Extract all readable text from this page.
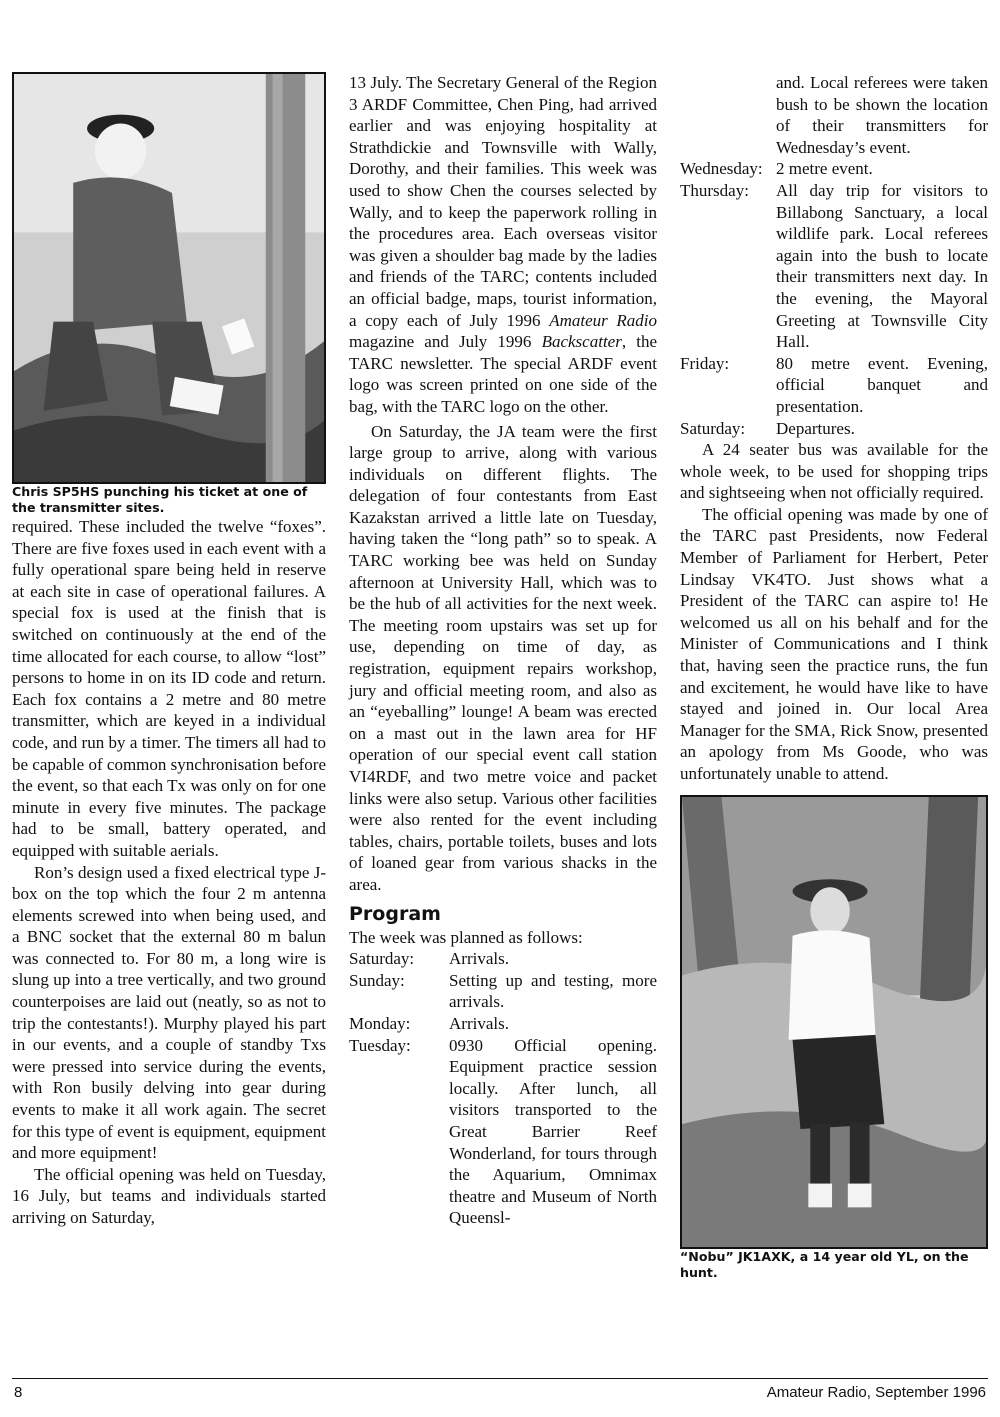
Chris SP5HS punching his ticket at one of the transmitter sites.

required. These included the twelve “foxes”. There are five foxes used in each event with a fully operational spare being held in reserve at each site in case of operational failures. A special fox is used at the finish that is switched on continuously at the end of the time allocated for each course, to allow “lost” persons to home in on its ID code and return. Each fox contains a 2 metre and 80 metre transmitter, which are keyed in a individual code, and run by a timer. The timers all had to be capable of common synchronisation before the event, so that each Tx was only on for one minute in every five minutes. The package had to be small, battery operated, and equipped with suitable aerials.

Ron’s design used a fixed electrical type J-box on the top which the four 2 m antenna elements screwed into when being used, and a BNC socket that the external 80 m balun was connected to. For 80 m, a long wire is slung up into a tree vertically, and two ground counterpoises are laid out (neatly, so as not to trip the contestants!). Murphy played his part in our events, and a couple of standby Txs were pressed into service during the events, with Ron busily delving into gear during events to make it all work again. The secret for this type of event is equipment, equipment and more equipment!

The official opening was held on Tuesday, 16 July, but teams and individuals started arriving on Saturday,

13 July. The Secretary General of the Region 3 ARDF Committee, Chen Ping, had arrived earlier and was enjoying hospitality at Strathdickie and Townsville with Wally, Dorothy, and their families. This week was used to show Chen the courses selected by Wally, and to keep the paperwork rolling in the procedures area. Each overseas visitor was given a shoulder bag made by the ladies and friends of the TARC; contents included an official badge, maps, tourist information, a copy each of July 1996 Amateur Radio magazine and July 1996 Backscatter, the TARC newsletter. The special ARDF event logo was screen printed on one side of the bag, with the TARC logo on the other.

On Saturday, the JA team were the first large group to arrive, along with various individuals on different flights. The delegation of four contestants from East Kazakstan arrived a little late on Tuesday, having taken the “long path” so to speak. A TARC working bee was held on Sunday afternoon at University Hall, which was to be the hub of all activities for the next week. The meeting room upstairs was set up for use, depending on time of day, as registration, equipment repairs workshop, jury and official meeting room, and also as an “eyeballing” lounge! A beam was erected on a mast out in the lawn area for HF operation of our special event call station VI4RDF, and two metre voice and packet links were also setup. Various other facilities were also rented for the event including tables, chairs, portable toilets, buses and lots of loaned gear from various shacks in the area.

Program

The week was planned as follows:

Saturday:	Arrivals.
Sunday:	Setting up and testing, more arrivals.
Monday:	Arrivals.
Tuesday:	0930 Official opening. Equipment practice session locally. After lunch, all visitors transported to the Great Barrier Reef Wonderland, for tours through the Aquarium, Omnimax theatre and Museum of North Queensl-

and. Local referees were taken bush to be shown the location of their transmitters for Wednesday’s event.

Wednesday:	2 metre event.
Thursday:	All day trip for visitors to Billabong Sanctuary, a local wildlife park. Local referees again into the bush to locate their transmitters next day. In the evening, the Mayoral Greeting at Townsville City Hall.
Friday:	80 metre event. Evening, official banquet and presentation.
Saturday:	Departures.

A 24 seater bus was available for the whole week, to be used for shopping trips and sightseeing when not officially required.

The official opening was made by one of the TARC past Presidents, now Federal Member of Parliament for Herbert, Peter Lindsay VK4TO. Just shows what a President of the TARC can aspire to! He welcomed us all on his behalf and for the Minister of Communications and I think that, having seen the practice runs, the fun and excitement, he would have like to have stayed and joined in. Our local Area Manager for the SMA, Rick Snow, presented an apology from Ms Goode, who was unfortunately unable to attend.

“Nobu” JK1AXK, a 14 year old YL, on the hunt.

8	Amateur Radio, September 1996
